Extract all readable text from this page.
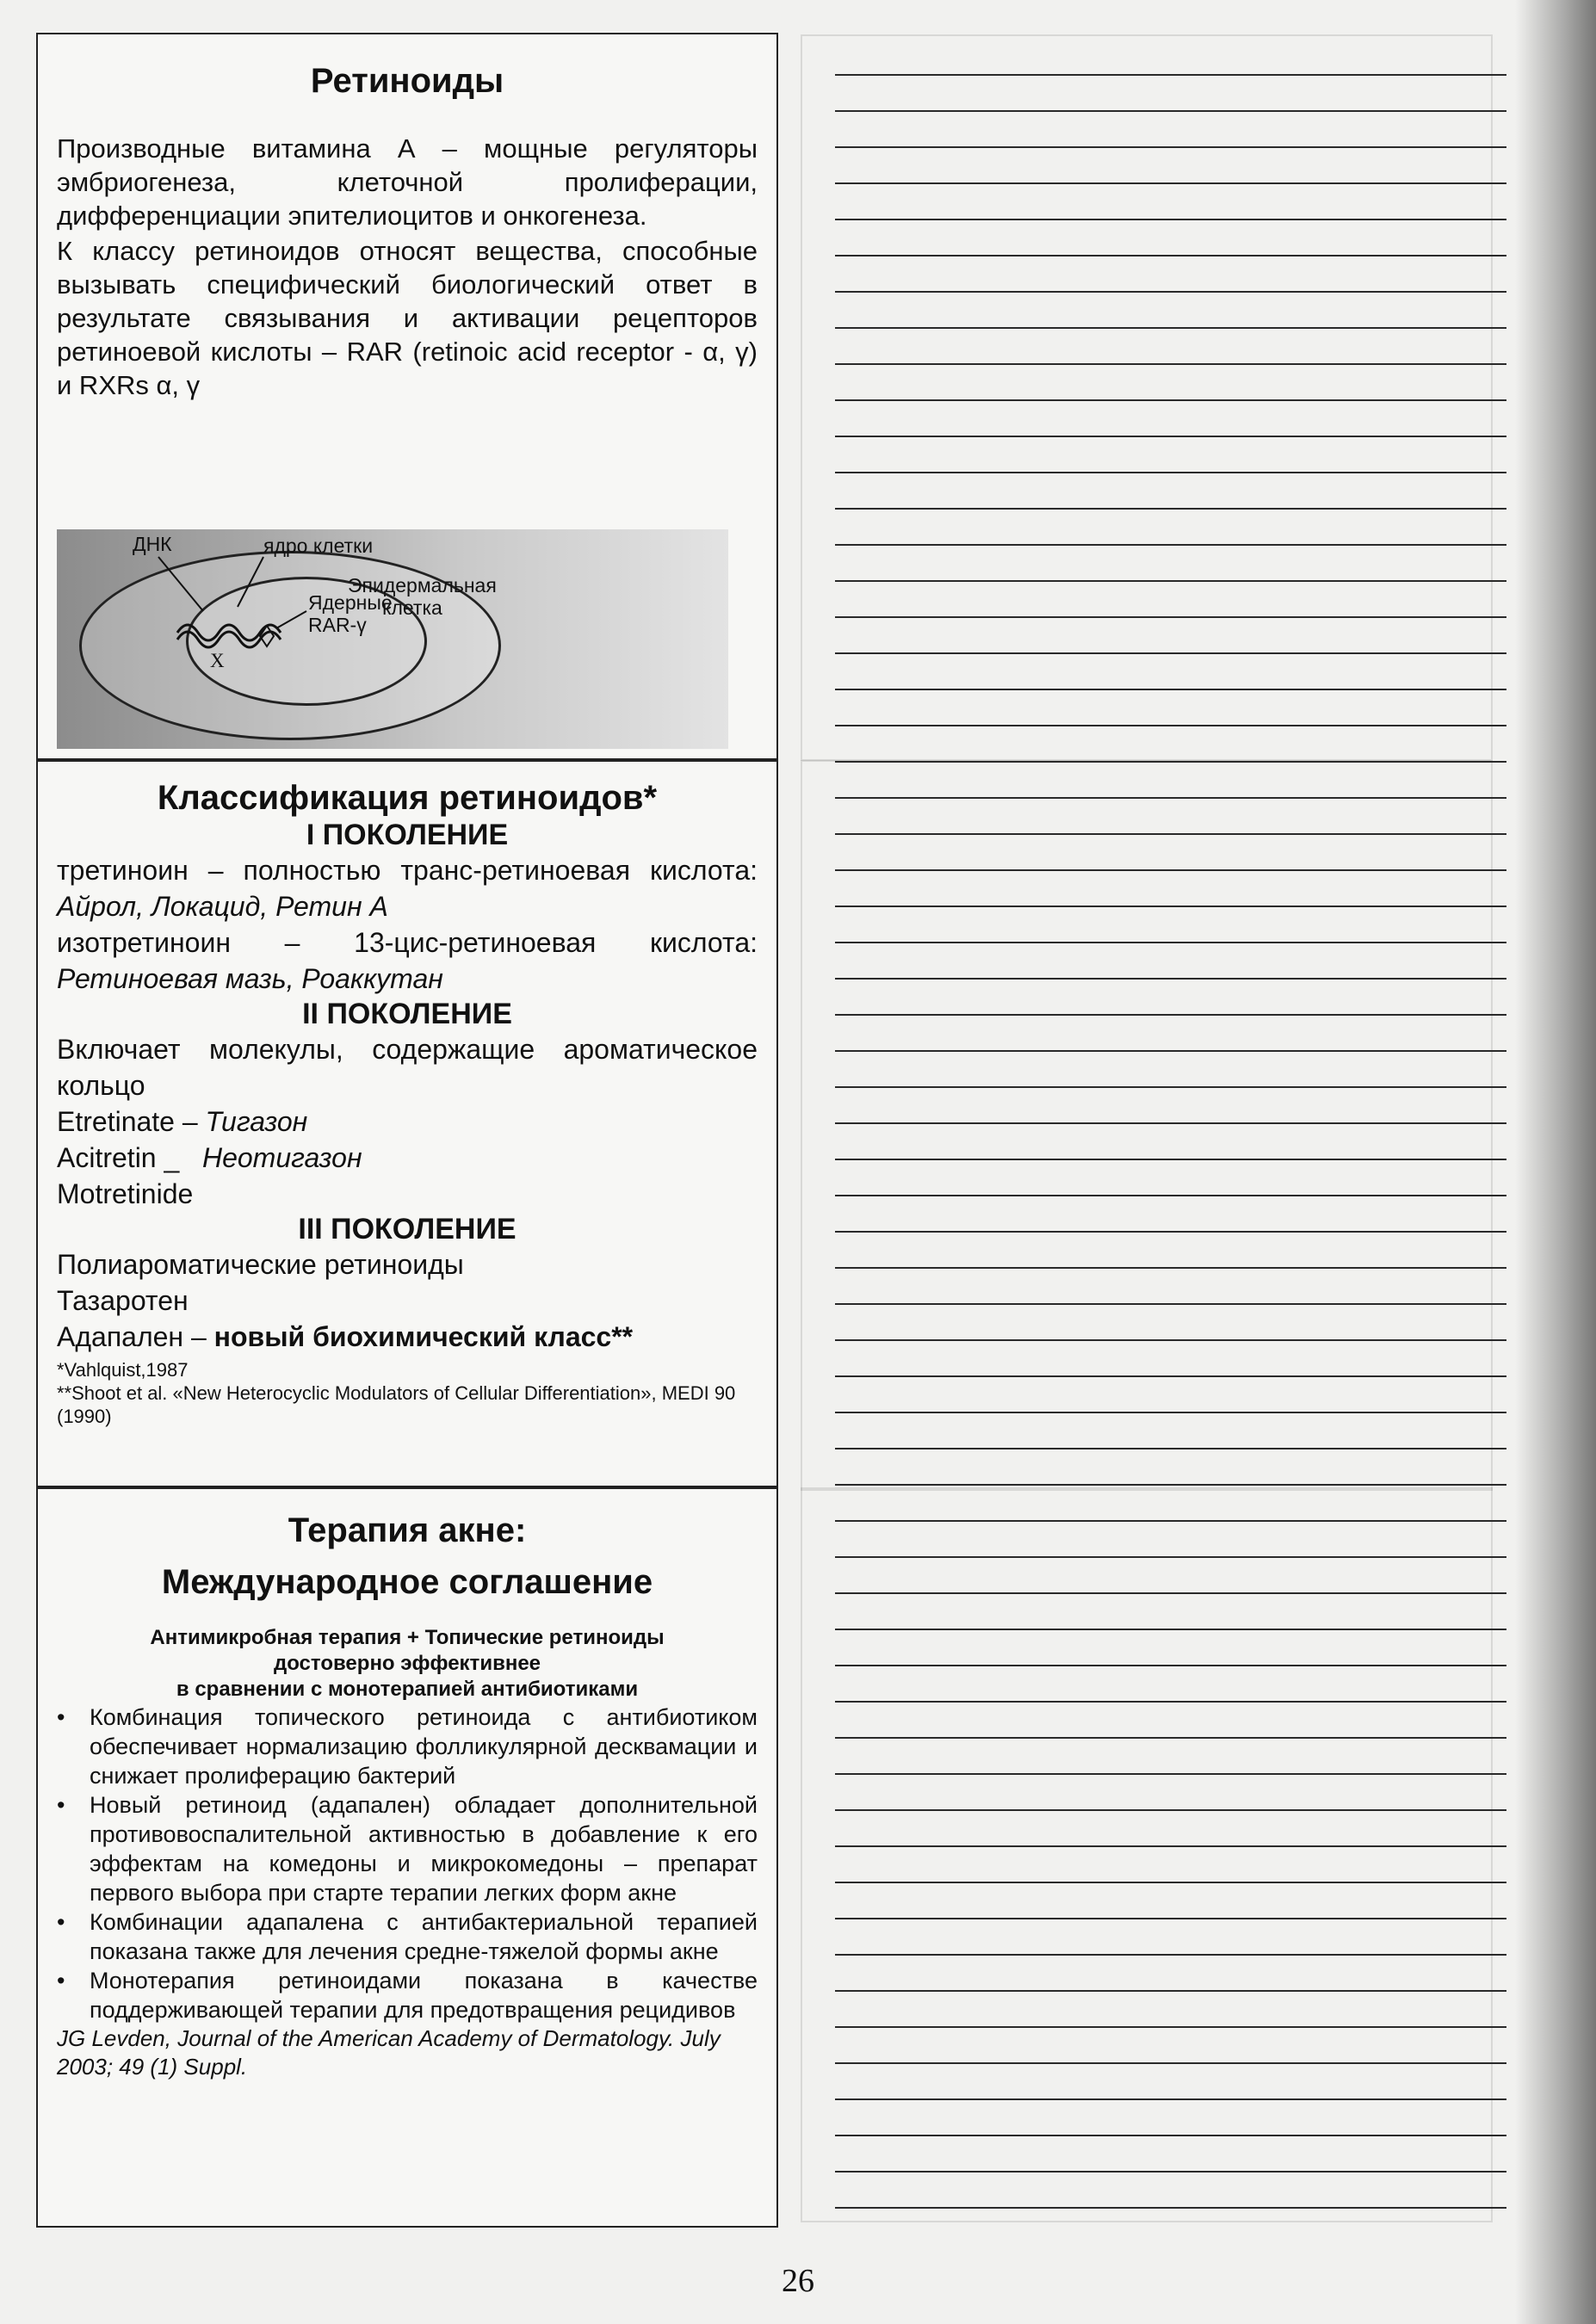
Ретиноиды

Производные витамина А – мощные регуляторы эмбриогенеза, клеточной пролиферации, дифференциации эпителиоцитов и онкогенеза.

К классу ретиноидов относят вещества, способные вызывать специфический биологический ответ в результате связывания и активации рецепторов ретиноевой кислоты – RAR (retinoic acid receptor - α, γ) и RXRs α, γ

ДНК	ядро клетки
Ядерные
RAR-γ
Эпидермальная
клетка
X
Классификация ретиноидов*

I ПОКОЛЕНИЕ

третиноин – полностью транс-ретиноевая кислота: Айрол, Локацид, Ретин А

изотретиноин – 13-цис-ретиноевая кислота: Ретиноевая мазь, Роаккутан

II ПОКОЛЕНИЕ

Включает молекулы, содержащие ароматическое кольцо

Etretinate – Тигазон

Acitretin _   Неотигазон

Motretinide

III ПОКОЛЕНИЕ

Полиароматические ретиноиды

Тазаротен

Адапален – новый биохимический класс**

*Vahlquist,1987

**Shoot et al. «New Heterocyclic Modulators of Cellular Differentiation», MEDI 90 (1990)

Терапия акне:
Международное соглашение

Антимикробная терапия + Топические ретиноиды

достоверно эффективнее

в сравнении с монотерапией антибиотиками

• Комбинация топического ретиноида с антибиотиком обеспечивает нормализацию фолликулярной десквамации и снижает пролиферацию бактерий
• Новый ретиноид (адапален) обладает дополнительной противовоспалительной активностью в добавление к его эффектам на комедоны и микрокомедоны – препарат первого выбора при старте терапии легких форм акне
• Комбинации адапалена с антибактериальной терапией показана также для лечения средне-тяжелой формы акне
• Монотерапия ретиноидами показана в качестве поддерживающей терапии для предотвращения рецидивов

JG Levden, Journal of the American Academy of Dermatology. July 2003; 49 (1) Suppl.

26
